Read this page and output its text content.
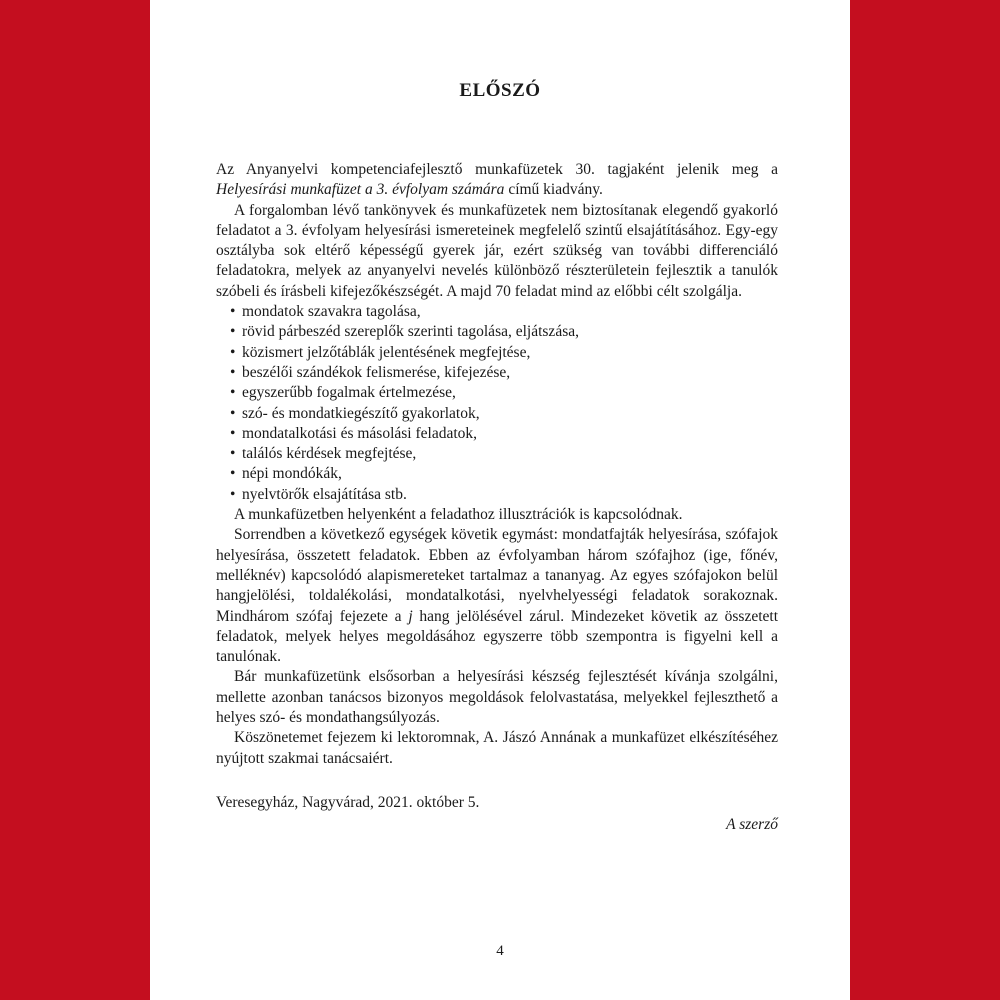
ELŐSZÓ

Az Anyanyelvi kompetenciafejlesztő munkafüzetek 30. tagjaként jelenik meg a Helyesírási munkafüzet a 3. évfolyam számára című kiadvány.

A forgalomban lévő tankönyvek és munkafüzetek nem biztosítanak elegendő gyakorló feladatot a 3. évfolyam helyesírási ismereteinek megfelelő szintű elsajátításához. Egy-egy osztályba sok eltérő képességű gyerek jár, ezért szükség van további differenciáló feladatokra, melyek az anyanyelvi nevelés különböző részterületein fejlesztik a tanulók szóbeli és írásbeli kifejezőkészségét. A majd 70 feladat mind az előbbi célt szolgálja.

• mondatok szavakra tagolása,
• rövid párbeszéd szereplők szerinti tagolása, eljátszása,
• közismert jelzőtáblák jelentésének megfejtése,
• beszélői szándékok felismerése, kifejezése,
• egyszerűbb fogalmak értelmezése,
• szó- és mondatkiegészítő gyakorlatok,
• mondatalkotási és másolási feladatok,
• találós kérdések megfejtése,
• népi mondókák,
• nyelvtörők elsajátítása stb.

A munkafüzetben helyenként a feladathoz illusztrációk is kapcsolódnak.

Sorrendben a következő egységek követik egymást: mondatfajták helyesírása, szófajok helyesírása, összetett feladatok. Ebben az évfolyamban három szófajhoz (ige, főnév, melléknév) kapcsolódó alapismereteket tartalmaz a tananyag. Az egyes szófajokon belül hangjelölési, toldalékolási, mondatalkotási, nyelvhelyességi feladatok sorakoznak. Mindhárom szófaj fejezete a j hang jelölésével zárul. Mindezeket követik az összetett feladatok, melyek helyes megoldásához egyszerre több szempontra is figyelni kell a tanulónak.

Bár munkafüzetünk elsősorban a helyesírási készség fejlesztését kívánja szolgálni, mellette azonban tanácsos bizonyos megoldások felolvastatása, melyekkel fejleszthető a helyes szó- és mondathangsúlyozás.

Köszönetemet fejezem ki lektoromnak, A. Jászó Annának a munkafüzet elkészítéséhez nyújtott szakmai tanácsaiért.

Veresegyház, Nagyvárad, 2021. október 5.
A szerző
4
